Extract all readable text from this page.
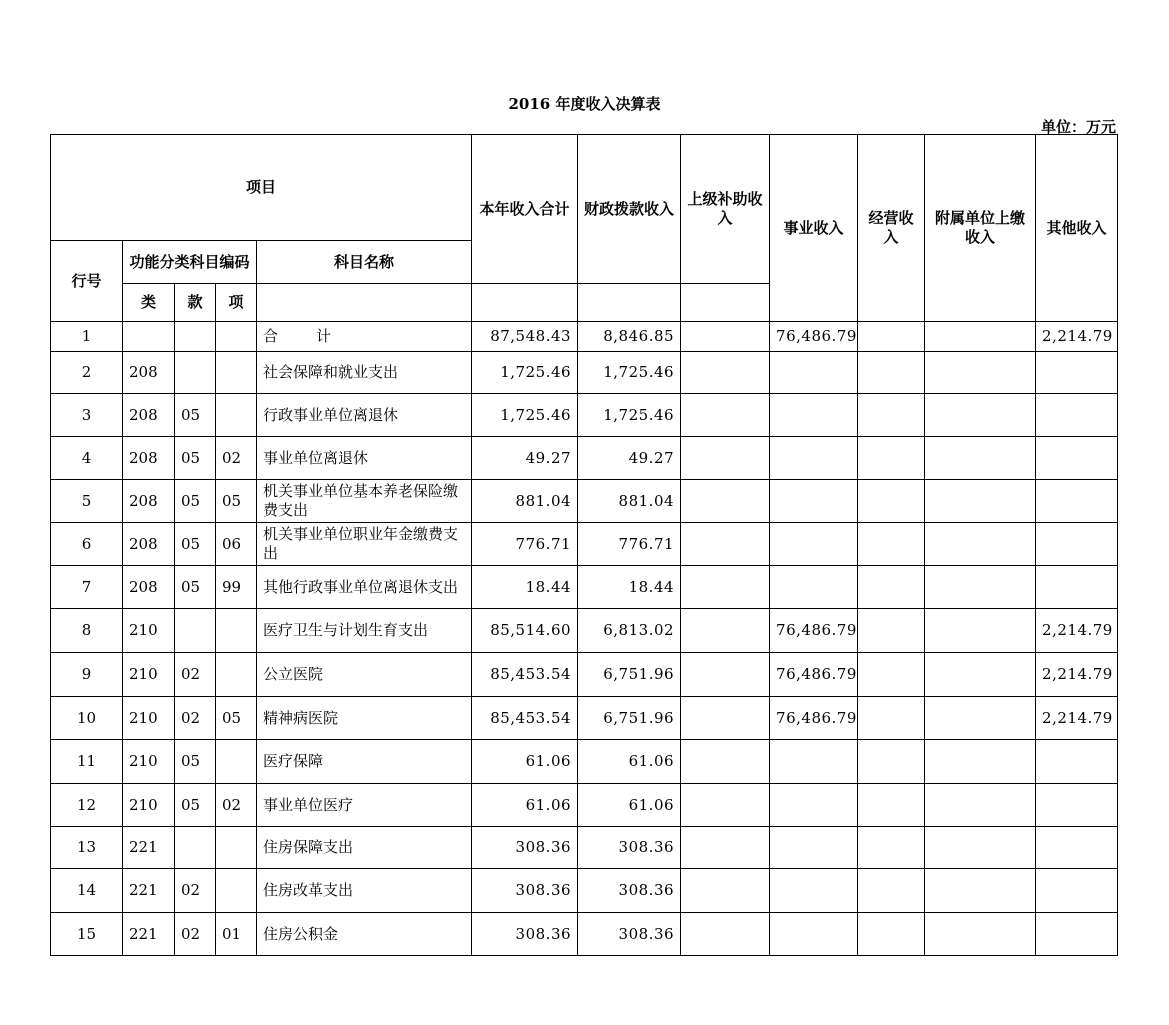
2016 年度收入决算表
单位：万元
项目					本年收入合计	财政拨款收入	上级补助收入	事业收入	经营收入	附属单位上缴收入	其他收入
行号	功能分类科目编码			科目名称							
	类	款	项								
1				合 计	87,548.43	8,846.85		76,486.79			2,214.79
2	208			社会保障和就业支出	1,725.46	1,725.46					
3	208	05		行政事业单位离退休	1,725.46	1,725.46					
4	208	05	02	事业单位离退休	49.27	49.27					
5	208	05	05	机关事业单位基本养老保险缴费支出	881.04	881.04					
6	208	05	06	机关事业单位职业年金缴费支出	776.71	776.71					
7	208	05	99	其他行政事业单位离退休支出	18.44	18.44					
8	210			医疗卫生与计划生育支出	85,514.60	6,813.02		76,486.79			2,214.79
9	210	02		公立医院	85,453.54	6,751.96		76,486.79			2,214.79
10	210	02	05	精神病医院	85,453.54	6,751.96		76,486.79			2,214.79
11	210	05		医疗保障	61.06	61.06					
12	210	05	02	事业单位医疗	61.06	61.06					
13	221			住房保障支出	308.36	308.36					
14	221	02		住房改革支出	308.36	308.36					
15	221	02	01	住房公积金	308.36	308.36					
